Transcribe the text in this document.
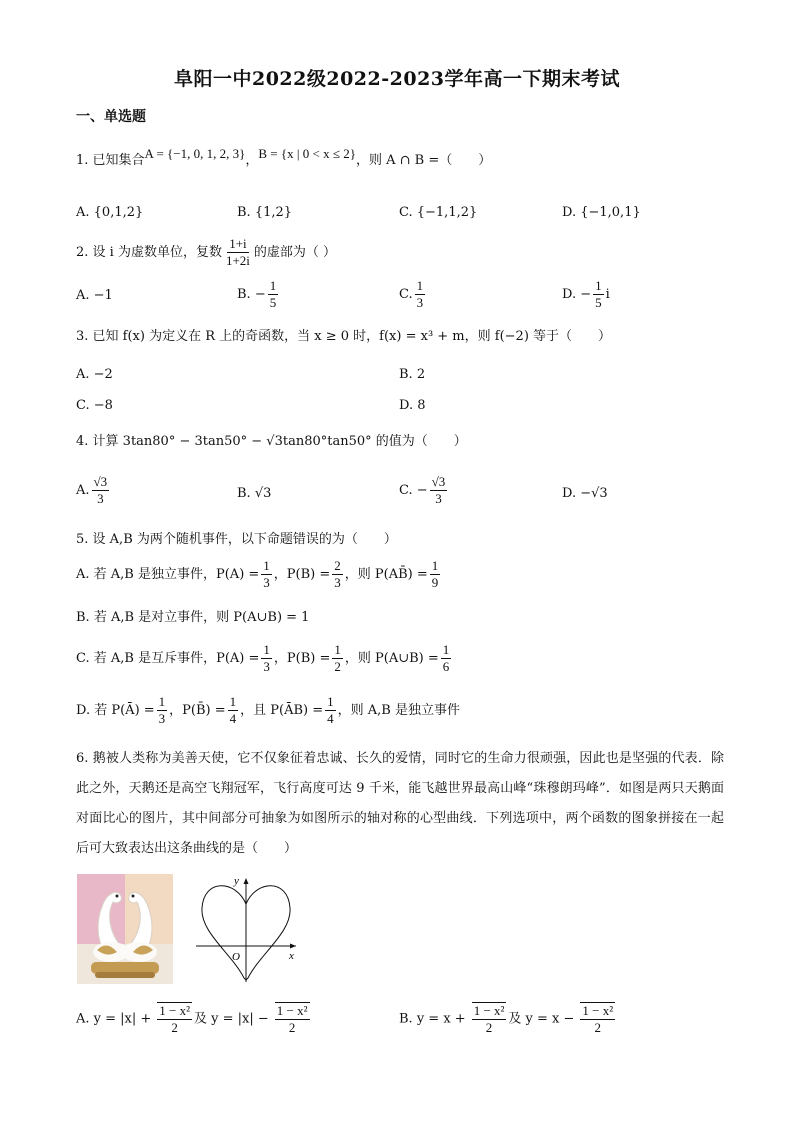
阜阳一中2022级2022-2023学年高一下期末考试
一、单选题
1. 已知集合A = {−1, 0, 1, 2, 3}，B = {x | 0 < x ≤ 2}，则 A ∩ B =（　　）
A. {0,1,2}	B. {1,2}	C. {−1,1,2}	D. {−1,0,1}
2. 设 i 为虚数单位，复数 $\frac{1+i}{1+2i}$ 的虚部为（ ）
A. −1	B. − $\frac{1}{5}$	C. $\frac{1}{3}$	D. − $\frac{1}{5}$ i
3. 已知 f(x) 为定义在 R 上的奇函数，当 x ≥ 0 时，f(x) = x³ + m，则 f(−2) 等于（　　）
A. −2	B. 2
C. −8	D. 8
4. 计算 3tan80° − 3tan50° − √3tan80°tan50° 的值为（　　）
A. $\frac{√3}{3}$	B. √3	C. − $\frac{√3}{3}$	D. −√3
5. 设 A,B 为两个随机事件，以下命题错误的为（　　）
A. 若 A,B 是独立事件，$P(A) = \frac{1}{3}$ ，$P(B) = \frac{2}{3}$ ，则 P(AB̄) = $\frac{1}{9}$
B. 若 A,B 是对立事件，则 P(A∪B) = 1
C. 若 A,B 是互斥事件，$P(A) = \frac{1}{3}$ ，$P(B) = \frac{1}{2}$ ，则 P(A∪B) = $\frac{1}{6}$
D. 若 P(Ā) = $\frac{1}{3}$ ，P(B̄) = $\frac{1}{4}$ ，且 P(ĀB) = $\frac{1}{4}$ ，则 A,B 是独立事件
6. 鹅被人类称为美善天使，它不仅象征着忠诚、长久的爱情，同时它的生命力很顽强，因此也是坚强的代表．除此之外，天鹅还是高空飞翔冠军，飞行高度可达 9 千米，能飞越世界最高山峰“珠穆朗玛峰”．如图是两只天鹅面对面比心的图片，其中间部分可抽象为如图所示的轴对称的心型曲线．下列选项中，两个函数的图象拼接在一起后可大致表达出这条曲线的是（　　）
y
x
O
A. $y = |x| + \frac{\text{1 − x²}}{2}$ 及 $y = |x| - \frac{\text{1 − x²}}{2}$	B. $y = x + \frac{\text{1 − x²}}{2}$ 及 $y = x - \frac{\text{1 − x²}}{2}$
